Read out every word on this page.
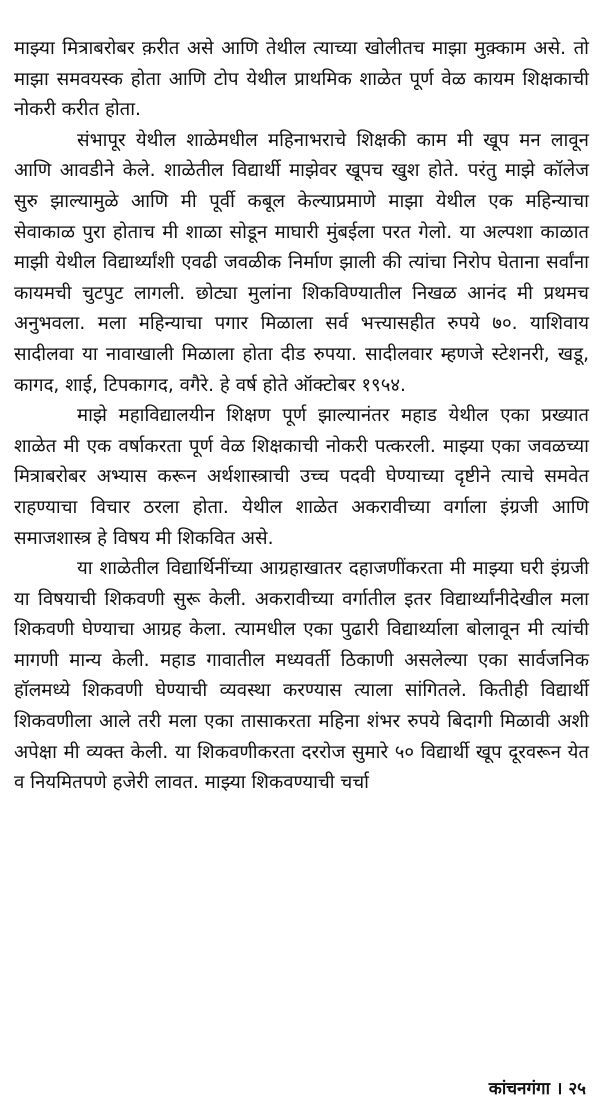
माझ्या मित्राबरोबर क़रीत असे आणि तेथील त्याच्या खोलीतच माझा मुक़्काम असे. तो माझा समवयस्क होता आणि टोप येथील प्राथमिक शाळेत पूर्ण वेळ कायम शिक्षकाची नोकरी करीत होता.

संभापूर येथील शाळेमधील महिनाभराचे शिक्षकी काम मी खूप मन लावून आणि आवडीने केले. शाळेतील विद्यार्थी माझेवर खूपच खुश होते. परंतु माझे कॉलेज सुरु झाल्यामुळे आणि मी पूर्वी कबूल केल्याप्रमाणे माझा येथील एक महिन्याचा सेवाकाळ पुरा होताच मी शाळा सोडून माघारी मुंबईला परत गेलो. या अल्पशा काळात माझी येथील विद्यार्थ्यांशी एवढी जवळीक निर्माण झाली की त्यांचा निरोप घेताना सर्वांना कायमची चुटपुट लागली. छोट्या मुलांना शिकविण्यातील निखळ आनंद मी प्रथमच अनुभवला. मला महिन्याचा पगार मिळाला सर्व भत्त्यासहीत रुपये ७०. याशिवाय सादीलवा या नावाखाली मिळाला होता दीड रुपया. सादीलवार म्हणजे स्टेशनरी, खडू, कागद, शाई, टिपकागद, वगैरे. हे वर्ष होते ऑक्टोबर १९५४.

माझे महाविद्यालयीन शिक्षण पूर्ण झाल्यानंतर महाड येथील एका प्रख्यात शाळेत मी एक वर्षाकरता पूर्ण वेळ शिक्षकाची नोकरी पत्करली. माझ्या एका जवळच्या मित्राबरोबर अभ्यास करून अर्थशास्त्राची उच्च पदवी घेण्याच्या दृष्टीने त्याचे समवेत राहण्याचा विचार ठरला होता. येथील शाळेत अकरावीच्या वर्गाला इंग्रजी आणि समाजशास्त्र हे विषय मी शिकवित असे.

या शाळेतील विद्यार्थिनींच्या आग्रहाखातर दहाजणींकरता मी माझ्या घरी इंग्रजी या विषयाची शिकवणी सुरू केली. अकरावीच्या वर्गातील इतर विद्यार्थ्यांनीदेखील मला शिकवणी घेण्याचा आग्रह केला. त्यामधील एका पुढारी विद्यार्थ्याला बोलावून मी त्यांची मागणी मान्य केली. महाड गावातील मध्यवर्ती ठिकाणी असलेल्या एका सार्वजनिक हॉलमध्ये शिकवणी घेण्याची व्यवस्था करण्यास त्याला सांगितले. कितीही विद्यार्थी शिकवणीला आले तरी मला एका तासाकरता महिना शंभर रुपये बिदागी मिळावी अशी अपेक्षा मी व्यक्त केली. या शिकवणीकरता दररोज सुमारे ५० विद्यार्थी खूप दूरवरून येत व नियमितपणे हजेरी लावत. माझ्या शिकवण्याची चर्चा

कांचनगंगा । २५
